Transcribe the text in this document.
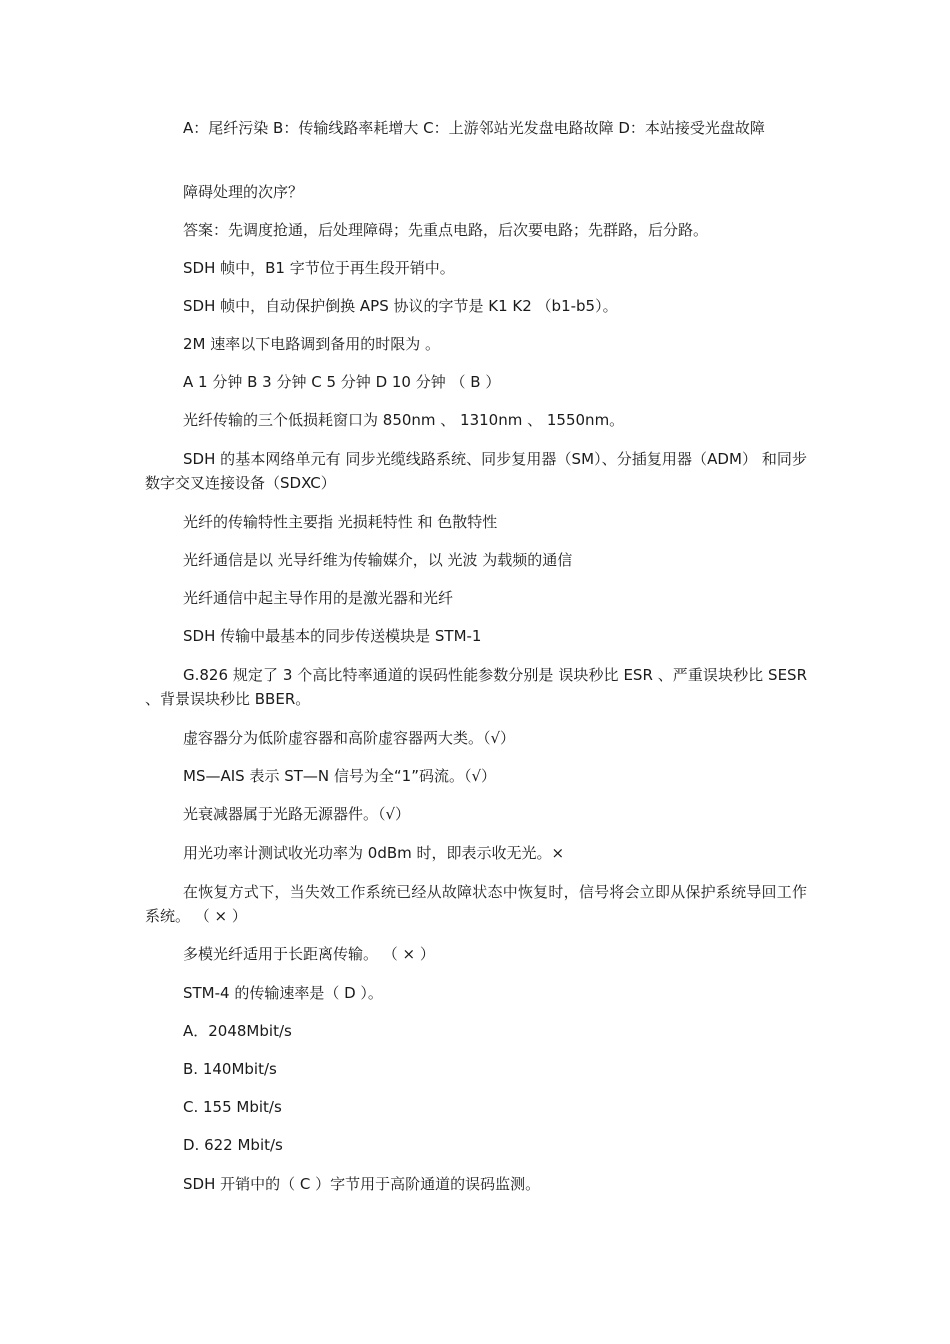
A：尾纤污染 B：传输线路率耗增大 C：上游邻站光发盘电路故障 D：本站接受光盘故障

障碍处理的次序？

答案：先调度抢通，后处理障碍；先重点电路，后次要电路；先群路，后分路。

SDH 帧中，B1 字节位于再生段开销中。

SDH 帧中，自动保护倒换 APS 协议的字节是 K1 K2 （b1-b5）。

2M 速率以下电路调到备用的时限为 。

A 1 分钟 B 3 分钟 C 5 分钟 D 10 分钟 （ B ）

光纤传输的三个低损耗窗口为 850nm 、 1310nm 、 1550nm。

SDH 的基本网络单元有 同步光缆线路系统、同步复用器（SM）、分插复用器（ADM） 和同步数字交叉连接设备（SDXC）

光纤的传输特性主要指 光损耗特性 和 色散特性

光纤通信是以 光导纤维为传输媒介，以 光波 为载频的通信

光纤通信中起主导作用的是激光器和光纤

SDH 传输中最基本的同步传送模块是 STM-1

G.826 规定了 3 个高比特率通道的误码性能参数分别是 误块秒比 ESR 、严重误块秒比 SESR 、背景误块秒比 BBER。

虚容器分为低阶虚容器和高阶虚容器两大类。（√）

MS—AIS 表示 ST—N 信号为全“1”码流。（√）

光衰减器属于光路无源器件。（√）

用光功率计测试收光功率为 0dBm 时，即表示收无光。×

在恢复方式下，当失效工作系统已经从故障状态中恢复时，信号将会立即从保护系统导回工作系统。 （ × ）

多模光纤适用于长距离传输。 （ × ）

STM-4 的传输速率是（ D ）。

A．2048Mbit/s

B. 140Mbit/s

C. 155 Mbit/s

D. 622 Mbit/s

SDH 开销中的（ C ）字节用于高阶通道的误码监测。
